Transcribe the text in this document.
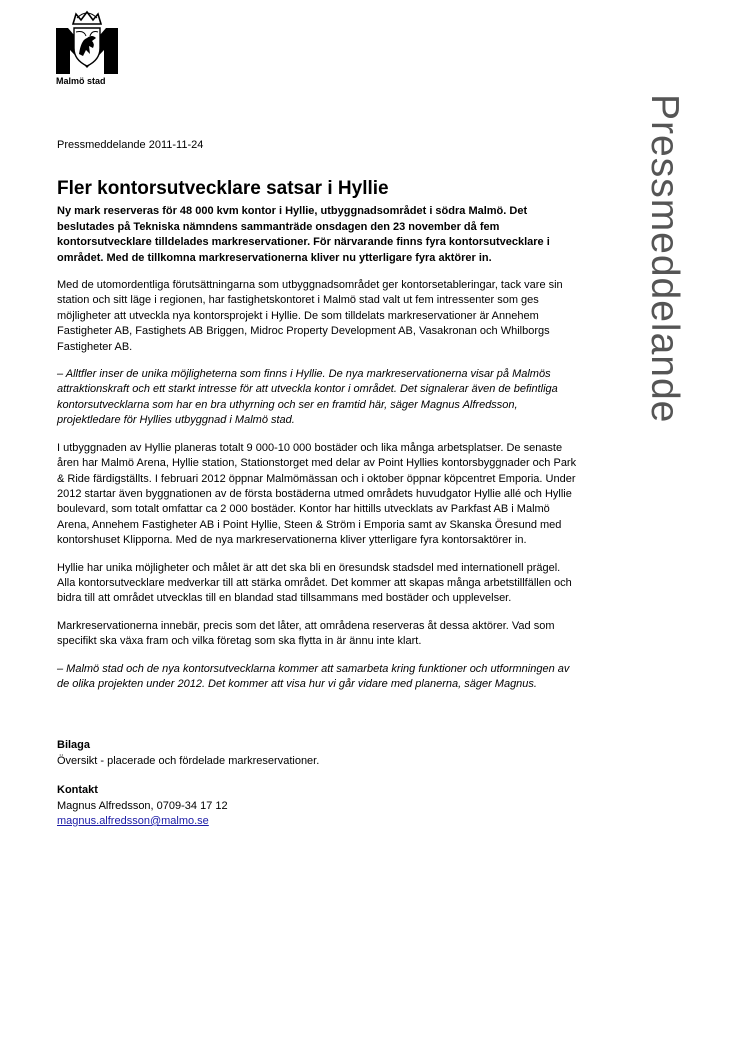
Malmö stad
Pressmeddelande
Pressmeddelande 2011-11-24
Fler kontorsutvecklare satsar i Hyllie

Ny mark reserveras för 48 000 kvm kontor i Hyllie, utbyggnadsområdet i södra Malmö. Det beslutades på Tekniska nämndens sammanträde onsdagen den 23 november då fem kontorsutvecklare tilldelades markreservationer. För närvarande finns fyra kontorsutvecklare i området. Med de tillkomna markreservationerna kliver nu ytterligare fyra aktörer in.

Med de utomordentliga förutsättningarna som utbyggnadsområdet ger kontorsetableringar, tack vare sin station och sitt läge i regionen, har fastighetskontoret i Malmö stad valt ut fem intressenter som ges möjligheter att utveckla nya kontorsprojekt i Hyllie. De som tilldelats markreservationer är Annehem Fastigheter AB, Fastighets AB Briggen, Midroc Property Development AB, Vasakronan och Whilborgs Fastigheter AB.

– Alltfler inser de unika möjligheterna som finns i Hyllie. De nya markreservationerna visar på Malmös attraktionskraft och ett starkt intresse för att utveckla kontor i området. Det signalerar även de befintliga kontorsutvecklarna som har en bra uthyrning och ser en framtid här, säger Magnus Alfredsson, projektledare för Hyllies utbyggnad i Malmö stad.

I utbyggnaden av Hyllie planeras totalt 9 000-10 000 bostäder och lika många arbetsplatser. De senaste åren har Malmö Arena, Hyllie station, Stationstorget med delar av Point Hyllies kontorsbyggnader och Park & Ride färdigställts. I februari 2012 öppnar Malmömässan och i oktober öppnar köpcentret Emporia. Under 2012 startar även byggnationen av de första bostäderna utmed områdets huvudgator Hyllie allé och Hyllie boulevard, som totalt omfattar ca 2 000 bostäder. Kontor har hittills utvecklats av Parkfast AB i Malmö Arena, Annehem Fastigheter AB i Point Hyllie, Steen & Ström i Emporia samt av Skanska Öresund med kontorshuset Klipporna. Med de nya markreservationerna kliver ytterligare fyra kontorsaktörer in.

Hyllie har unika möjligheter och målet är att det ska bli en öresundsk stadsdel med internationell prägel. Alla kontorsutvecklare medverkar till att stärka området. Det kommer att skapas många arbetstillfällen och bidra till att området utvecklas till en blandad stad tillsammans med bostäder och upplevelser.

Markreservationerna innebär, precis som det låter, att områdena reserveras åt dessa aktörer. Vad som specifikt ska växa fram och vilka företag som ska flytta in är ännu inte klart.

– Malmö stad och de nya kontorsutvecklarna kommer att samarbeta kring funktioner och utformningen av de olika projekten under 2012. Det kommer att visa hur vi går vidare med planerna, säger Magnus.

Bilaga
Översikt - placerade och fördelade markreservationer.
Kontakt
Magnus Alfredsson, 0709-34 17 12
magnus.alfredsson@malmo.se
